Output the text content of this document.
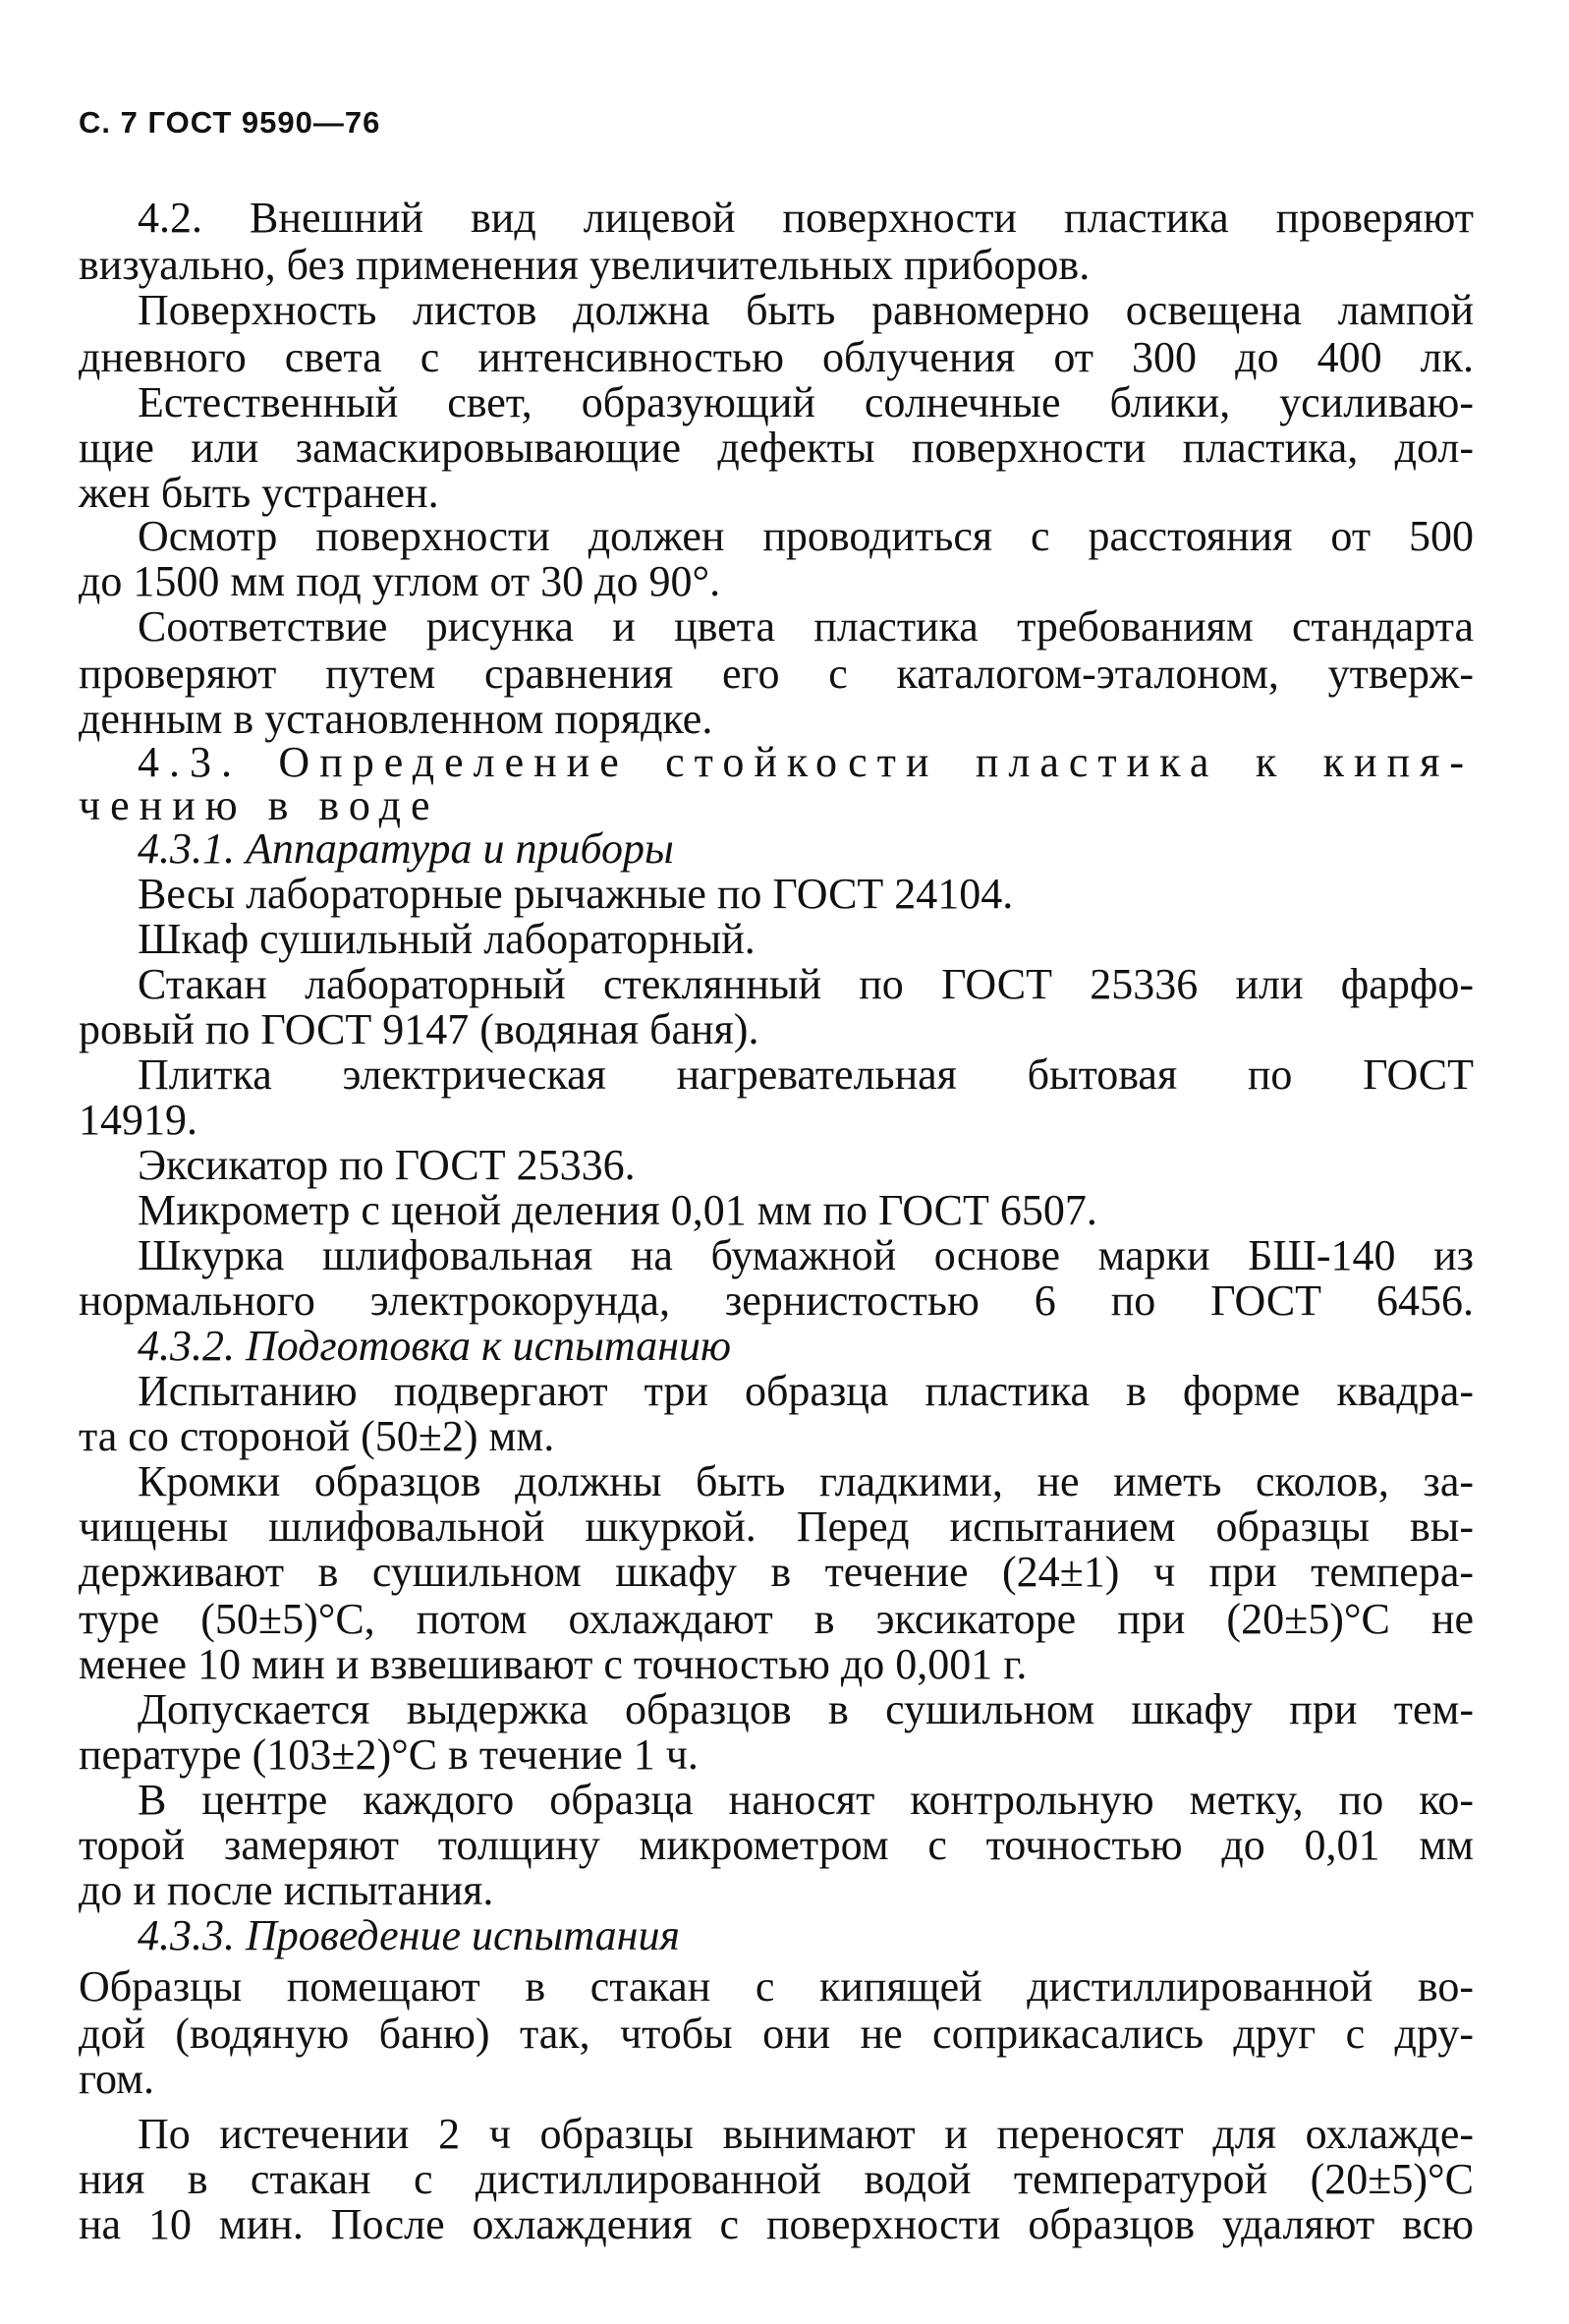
С. 7 ГОСТ 9590—76
4.2. Внешний вид лицевой поверхности пластика проверяют
визуально, без применения увеличительных приборов.
Поверхность листов должна быть равномерно освещена лампой
дневного света с интенсивностью облучения от 300 до 400 лк.
Естественный свет, образующий солнечные блики, усиливаю-
щие или замаскировывающие дефекты поверхности пластика, дол-
жен быть устранен.
Осмотр поверхности должен проводиться с расстояния от 500
до 1500 мм под углом от 30 до 90°.
Соответствие рисунка и цвета пластика требованиям стандарта
проверяют путем сравнения его с каталогом-эталоном, утверж-
денным в установленном порядке.
4.3. Определение стойкости пластика к кипя-
чению в воде
4.3.1. Аппаратура и приборы
Весы лабораторные рычажные по ГОСТ 24104.
Шкаф сушильный лабораторный.
Стакан лабораторный стеклянный по ГОСТ 25336 или фарфо-
ровый по ГОСТ 9147 (водяная баня).
Плитка электрическая нагревательная бытовая по ГОСТ
14919.
Эксикатор по ГОСТ 25336.
Микрометр с ценой деления 0,01 мм по ГОСТ 6507.
Шкурка шлифовальная на бумажной основе марки БШ-140 из
нормального электрокорунда, зернистостью 6 по ГОСТ 6456.
4.3.2. Подготовка к испытанию
Испытанию подвергают три образца пластика в форме квадра-
та со стороной (50±2) мм.
Кромки образцов должны быть гладкими, не иметь сколов, за-
чищены шлифовальной шкуркой. Перед испытанием образцы вы-
держивают в сушильном шкафу в течение (24±1) ч при темпера-
туре (50±5)°С, потом охлаждают в эксикаторе при (20±5)°С не
менее 10 мин и взвешивают с точностью до 0,001 г.
Допускается выдержка образцов в сушильном шкафу при тем-
пературе (103±2)°С в течение 1 ч.
В центре каждого образца наносят контрольную метку, по ко-
торой замеряют толщину микрометром с точностью до 0,01 мм
до и после испытания.
4.3.3. Проведение испытания
Образцы помещают в стакан с кипящей дистиллированной во-
дой (водяную баню) так, чтобы они не соприкасались друг с дру-
гом.
По истечении 2 ч образцы вынимают и переносят для охлажде-
ния в стакан с дистиллированной водой температурой (20±5)°С
на 10 мин. После охлаждения с поверхности образцов удаляют всю
